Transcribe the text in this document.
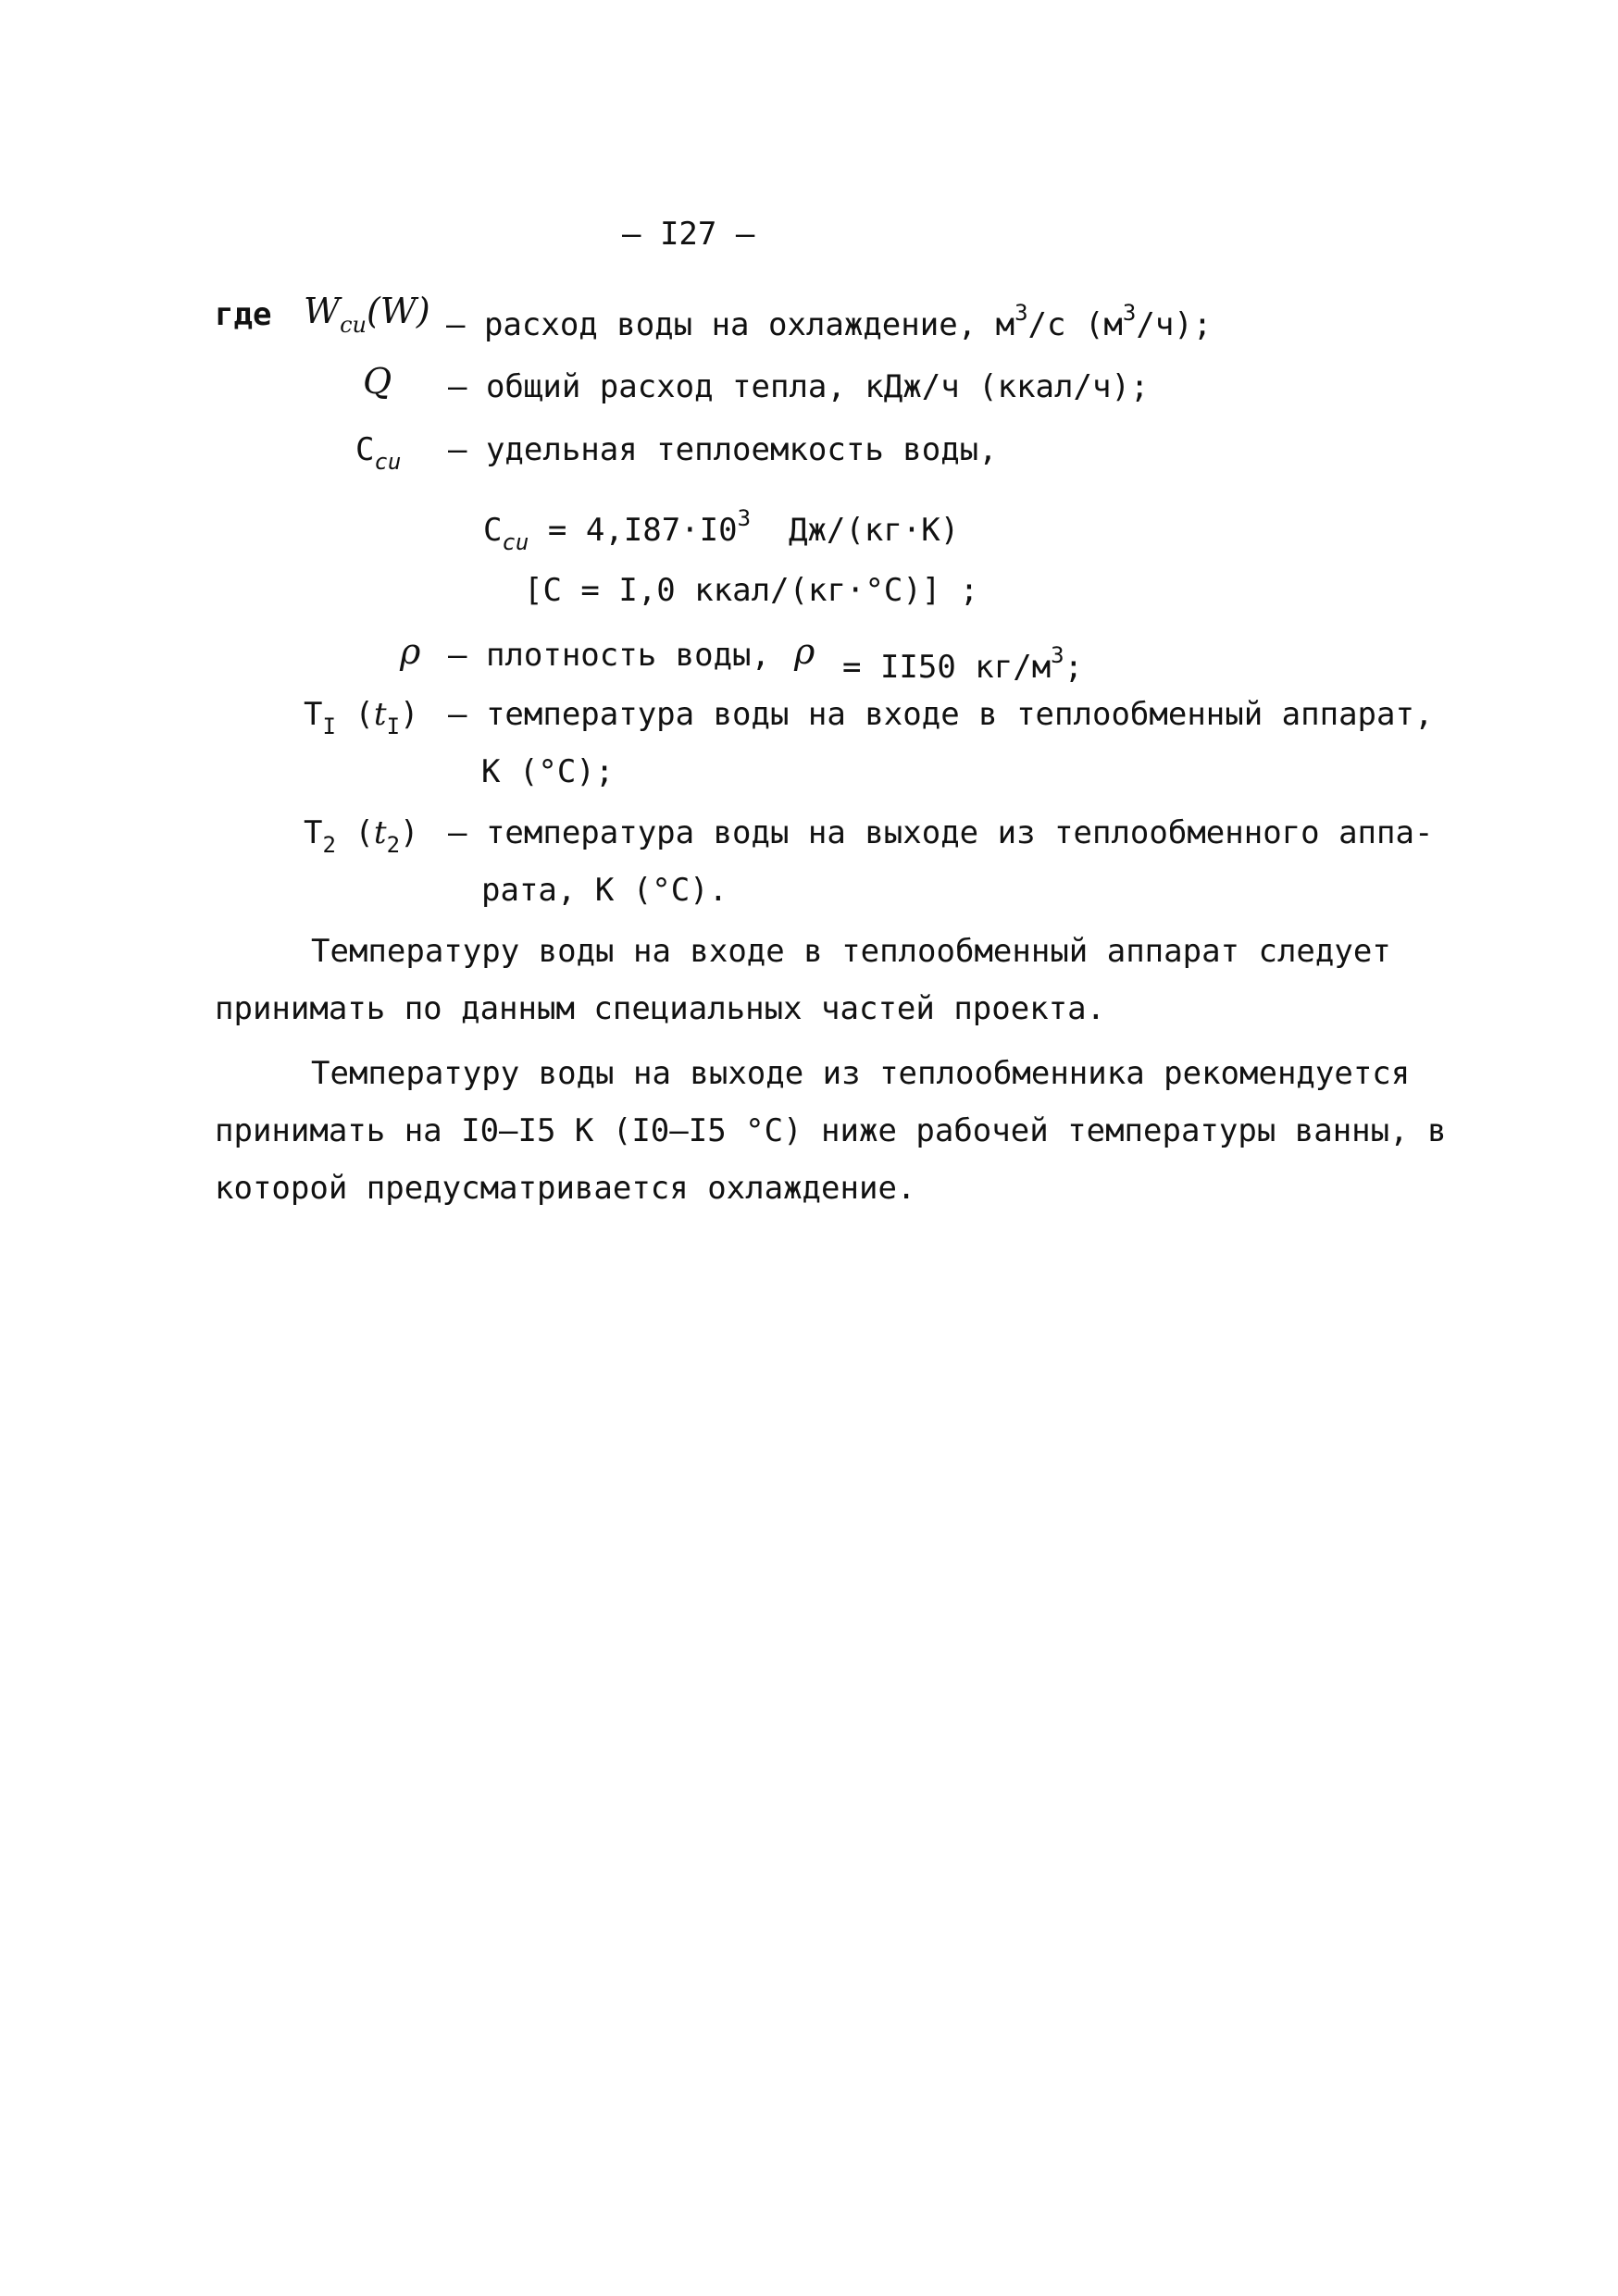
– I27 –
где $W_{cu}(W)$ – расход воды на охлаждение, $м^3/с$ $(м^3/ч)$;
Q – общий расход тепла, кДж/ч (ккал/ч);
$C_{cu}$ – удельная теплоемкость воды,
$C_{cu} = 4,I87\cdot I0^3$ Дж/(кг·К)
[C = I,0 ккал/(кг·°С)] ;
ρ – плотность воды, ρ = II50 $кг/м^3$;
$T_I$ $(t_I)$ – температура воды на входе в теплообменный аппарат,
К (°С);
$T_2$ $(t_2)$ – температура воды на выходе из теплообменного аппа-
рата, К (°С).
Температуру воды на входе в теплообменный аппарат следует
принимать по данным специальных частей проекта.
Температуру воды на выходе из теплообменника рекомендуется
принимать на I0–I5 К (I0–I5 °С) ниже рабочей температуры ванны, в
которой предусматривается охлаждение.
